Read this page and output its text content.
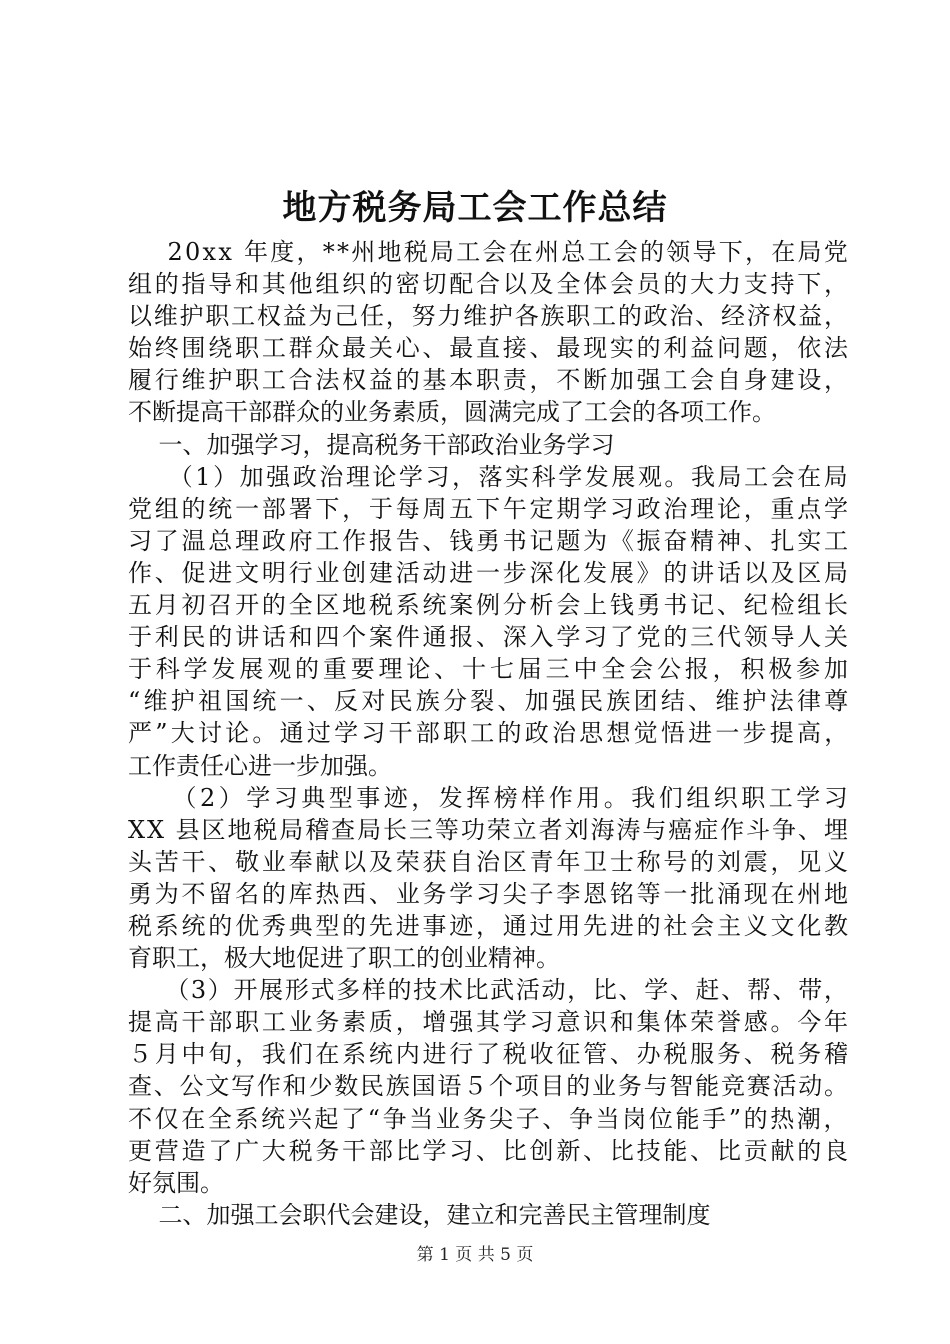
地方税务局工会工作总结
20xx 年度，**州地税局工会在州总工会的领导下，在局党
组的指导和其他组织的密切配合以及全体会员的大力支持下，
以维护职工权益为己任，努力维护各族职工的政治、经济权益，
始终围绕职工群众最关心、最直接、最现实的利益问题，依法
履行维护职工合法权益的基本职责，不断加强工会自身建设，
不断提高干部群众的业务素质，圆满完成了工会的各项工作。
一、加强学习，提高税务干部政治业务学习
（1）加强政治理论学习，落实科学发展观。我局工会在局
党组的统一部署下，于每周五下午定期学习政治理论，重点学
习了温总理政府工作报告、钱勇书记题为《振奋精神、扎实工
作、促进文明行业创建活动进一步深化发展》的讲话以及区局
五月初召开的全区地税系统案例分析会上钱勇书记、纪检组长
于利民的讲话和四个案件通报、深入学习了党的三代领导人关
于科学发展观的重要理论、十七届三中全会公报，积极参加
“维护祖国统一、反对民族分裂、加强民族团结、维护法律尊
严”大讨论。通过学习干部职工的政治思想觉悟进一步提高，
工作责任心进一步加强。
（2）学习典型事迹，发挥榜样作用。我们组织职工学习
XX 县区地税局稽查局长三等功荣立者刘海涛与癌症作斗争、埋
头苦干、敬业奉献以及荣获自治区青年卫士称号的刘震，见义
勇为不留名的库热西、业务学习尖子李恩铭等一批涌现在州地
税系统的优秀典型的先进事迹，通过用先进的社会主义文化教
育职工，极大地促进了职工的创业精神。
（3）开展形式多样的技术比武活动，比、学、赶、帮、带，
提高干部职工业务素质，增强其学习意识和集体荣誉感。今年
５月中旬，我们在系统内进行了税收征管、办税服务、税务稽
查、公文写作和少数民族国语５个项目的业务与智能竞赛活动。
不仅在全系统兴起了“争当业务尖子、争当岗位能手”的热潮，
更营造了广大税务干部比学习、比创新、比技能、比贡献的良
好氛围。
二、加强工会职代会建设，建立和完善民主管理制度
第 1 页 共 5 页
